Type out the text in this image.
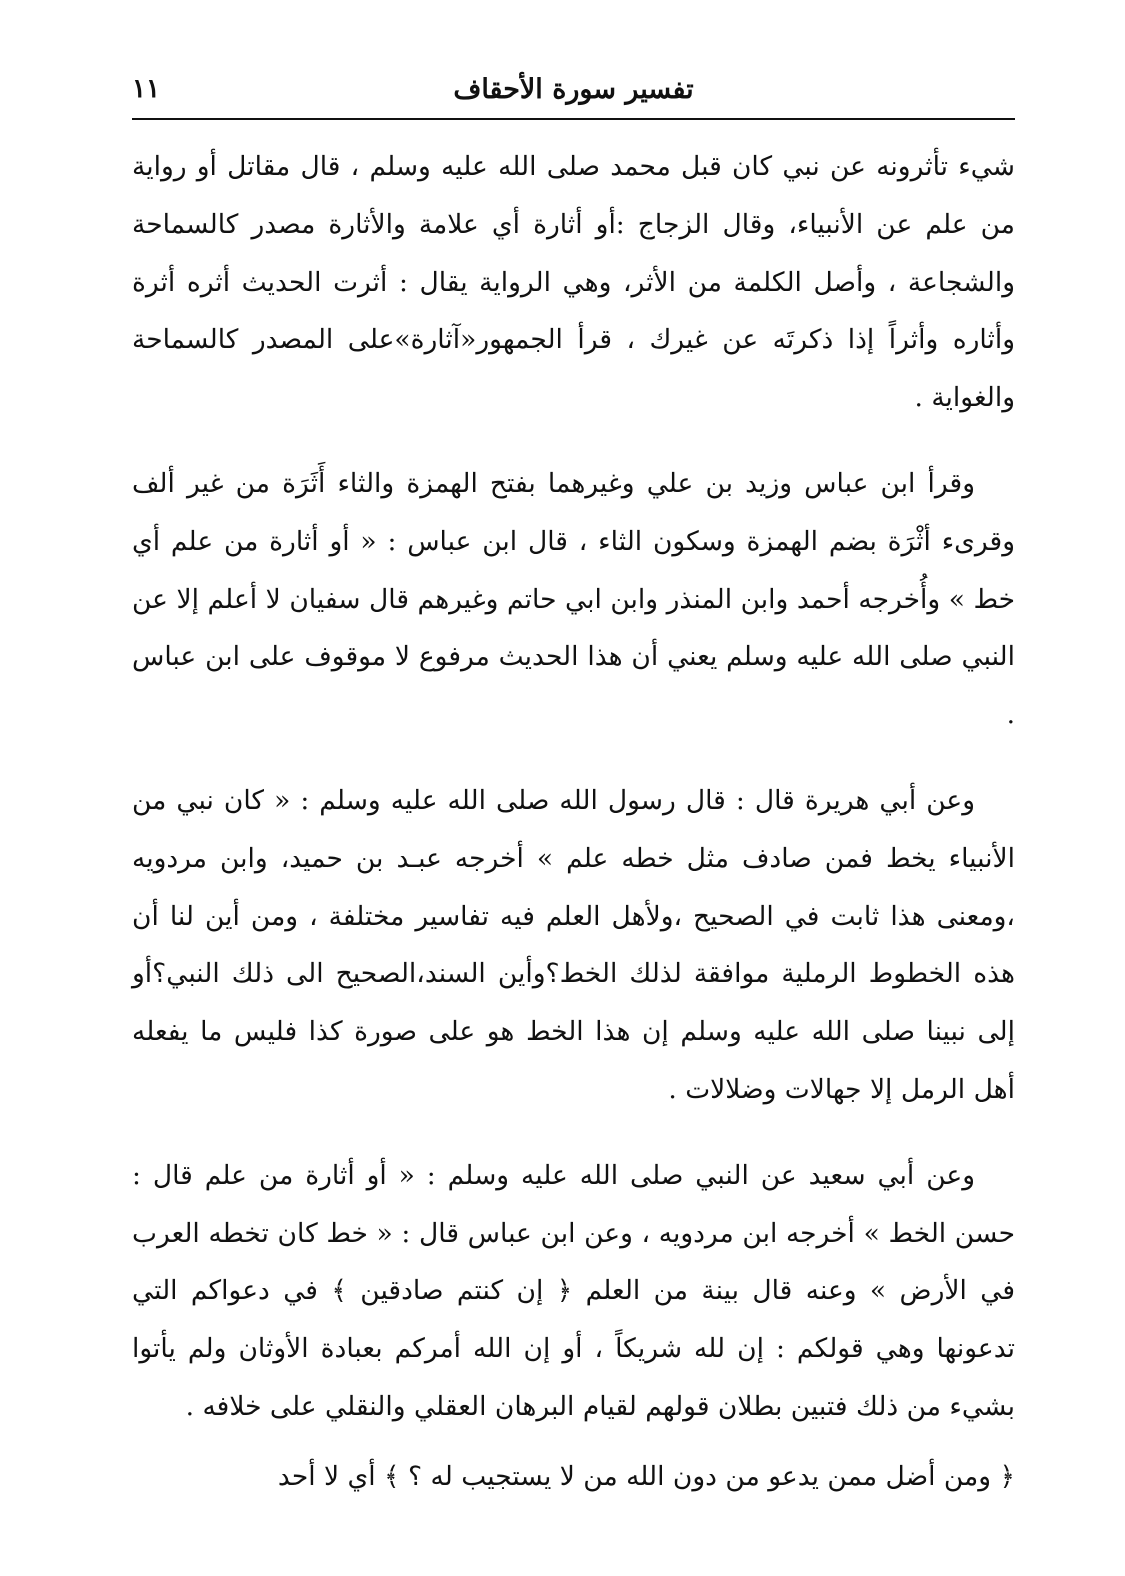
تفسير سورة الأحقاف
١١

شيء تأثرونه عن نبي كان قبل محمد صلى الله عليه وسلم ، قال مقاتل أو رواية من علم عن الأنبياء، وقال الزجاج :أو أثارة أي علامة والأثارة مصدر كالسماحة والشجاعة ، وأصل الكلمة من الأثر، وهي الرواية يقال : أثرت الحديث أثره أثرة وأثاره وأثراً إذا ذكرتَه عن غيرك ، قرأ الجمهور«آثارة»على المصدر كالسماحة والغواية .

وقرأ ابن عباس وزيد بن علي وغيرهما بفتح الهمزة والثاء أَثَرَة من غير ألف وقرىء أثْرَة بضم الهمزة وسكون الثاء ، قال ابن عباس : « أو أثارة من علم أي خط » وأُخرجه أحمد وابن المنذر وابن ابي حاتم وغيرهم قال سفيان لا أعلم إلا عن النبي صلى الله عليه وسلم يعني أن هذا الحديث مرفوع لا موقوف على ابن عباس .

وعن أبي هريرة قال : قال رسول الله صلى الله عليه وسلم : « كان نبي من الأنبياء يخط فمن صادف مثل خطه علم » أخرجه عبـد بن حميد، وابن مردويه ،ومعنى هذا ثابت في الصحيح ،ولأهل العلم فيه تفاسير مختلفة ، ومن أين لنا أن هذه الخطوط الرملية موافقة لذلك الخط؟وأين السند،الصحيح الى ذلك النبي؟أو إلى نبينا صلى الله عليه وسلم إن هذا الخط هو على صورة كذا فليس ما يفعله أهل الرمل إلا جهالات وضلالات .

وعن أبي سعيد عن النبي صلى الله عليه وسلم : « أو أثارة من علم قال : حسن الخط » أخرجه ابن مردويه ، وعن ابن عباس قال : « خط كان تخطه العرب في الأرض » وعنه قال بينة من العلم ﴿ إن كنتم صادقين ﴾ في دعواكم التي تدعونها وهي قولكم : إن لله شريكاً ، أو إن الله أمركم بعبادة الأوثان ولم يأتوا بشيء من ذلك فتبين بطلان قولهم لقيام البرهان العقلي والنقلي على خلافه .

﴿ ومن أضل ممن يدعو من دون الله من لا يستجيب له ؟ ﴾ أي لا أحد
